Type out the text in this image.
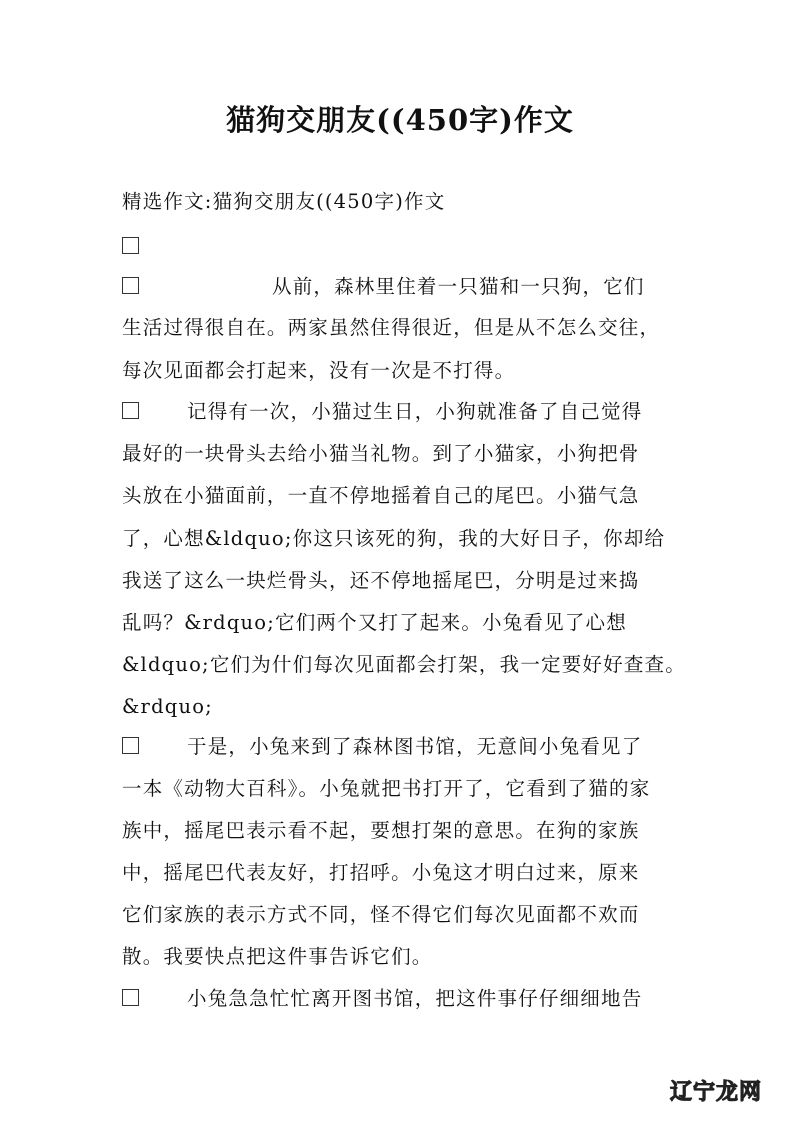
猫狗交朋友((450字)作文
精选作文:猫狗交朋友((450字)作文
从前，森林里住着一只猫和一只狗，它们
生活过得很自在。两家虽然住得很近，但是从不怎么交往，
每次见面都会打起来，没有一次是不打得。
记得有一次，小猫过生日，小狗就准备了自己觉得
最好的一块骨头去给小猫当礼物。到了小猫家，小狗把骨
头放在小猫面前，一直不停地摇着自己的尾巴。小猫气急
了，心想&ldquo;你这只该死的狗，我的大好日子，你却给
我送了这么一块烂骨头，还不停地摇尾巴，分明是过来捣
乱吗？&rdquo;它们两个又打了起来。小兔看见了心想
&ldquo;它们为什们每次见面都会打架，我一定要好好查查。
&rdquo;
于是，小兔来到了森林图书馆，无意间小兔看见了
一本《动物大百科》。小兔就把书打开了，它看到了猫的家
族中，摇尾巴表示看不起，要想打架的意思。在狗的家族
中，摇尾巴代表友好，打招呼。小兔这才明白过来，原来
它们家族的表示方式不同，怪不得它们每次见面都不欢而
散。我要快点把这件事告诉它们。
小兔急急忙忙离开图书馆，把这件事仔仔细细地告
辽宁龙网
